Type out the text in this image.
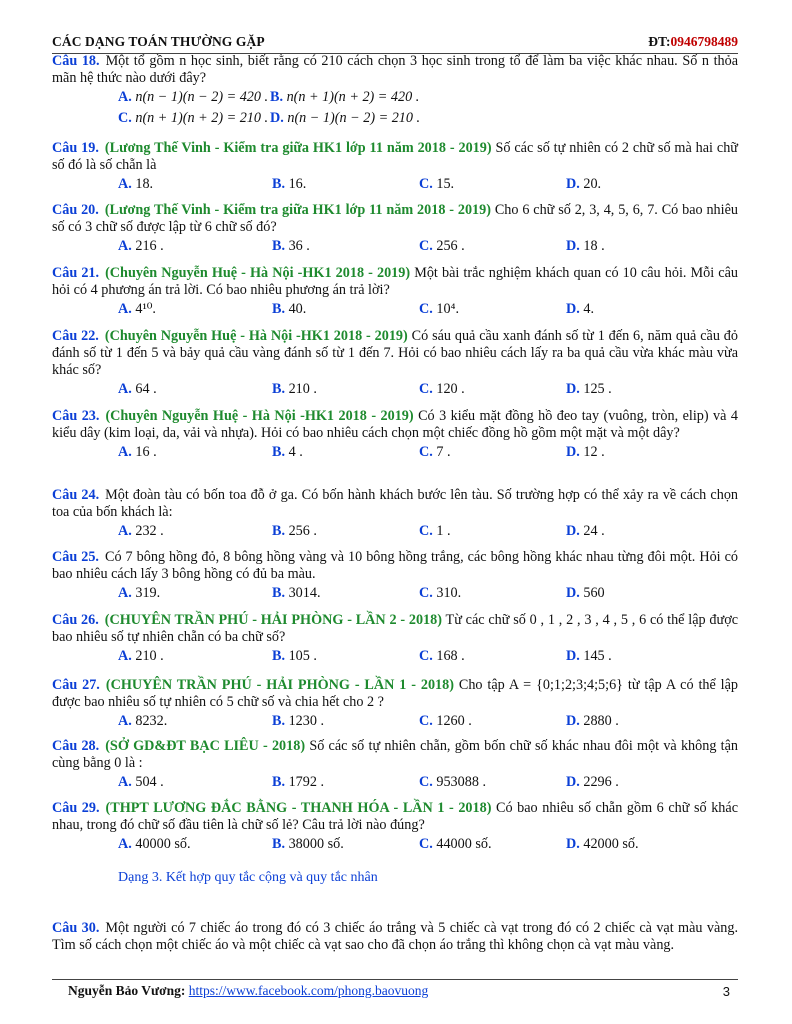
CÁC DẠNG TOÁN THƯỜNG GẶP	ĐT:0946798489
Câu 18. Một tổ gồm n học sinh, biết rằng có 210 cách chọn 3 học sinh trong tổ để làm ba việc khác nhau. Số n thỏa mãn hệ thức nào dưới đây?
A. n(n − 1)(n − 2) = 420 . B. n(n + 1)(n + 2) = 420 .
C. n(n + 1)(n + 2) = 210 . D. n(n − 1)(n − 2) = 210 .
Câu 19. (Lương Thế Vinh - Kiểm tra giữa HK1 lớp 11 năm 2018 - 2019) Số các số tự nhiên có 2 chữ số mà hai chữ số đó là số chẵn là
A. 18.	B. 16.	C. 15.	D. 20.
Câu 20. (Lương Thế Vinh - Kiểm tra giữa HK1 lớp 11 năm 2018 - 2019) Cho 6 chữ số 2, 3, 4, 5, 6, 7. Có bao nhiêu số có 3 chữ số được lập từ 6 chữ số đó?
A. 216 .	B. 36 .	C. 256 .	D. 18 .
Câu 21. (Chuyên Nguyễn Huệ - Hà Nội -HK1 2018 - 2019) Một bài trắc nghiệm khách quan có 10 câu hỏi. Mỗi câu hỏi có 4 phương án trả lời. Có bao nhiêu phương án trả lời?
A. 4¹⁰.	B. 40.	C. 10⁴.	D. 4.
Câu 22. (Chuyên Nguyễn Huệ - Hà Nội -HK1 2018 - 2019) Có sáu quả cầu xanh đánh số từ 1 đến 6, năm quả cầu đỏ đánh số từ 1 đến 5 và bảy quả cầu vàng đánh số từ 1 đến 7. Hỏi có bao nhiêu cách lấy ra ba quả cầu vừa khác màu vừa khác số?
A. 64 .	B. 210 .	C. 120 .	D. 125 .
Câu 23. (Chuyên Nguyễn Huệ - Hà Nội -HK1 2018 - 2019) Có 3 kiểu mặt đồng hồ đeo tay (vuông, tròn, elip) và 4 kiểu dây (kim loại, da, vải và nhựa). Hỏi có bao nhiêu cách chọn một chiếc đồng hồ gồm một mặt và một dây?
A. 16 .	B. 4 .	C. 7 .	D. 12 .
Câu 24. Một đoàn tàu có bốn toa đỗ ở ga. Có bốn hành khách bước lên tàu. Số trường hợp có thể xảy ra về cách chọn toa của bốn khách là:
A. 232 .	B. 256 .	C. 1 .	D. 24 .
Câu 25. Có 7 bông hồng đỏ, 8 bông hồng vàng và 10 bông hồng trắng, các bông hồng khác nhau từng đôi một. Hỏi có bao nhiêu cách lấy 3 bông hồng có đủ ba màu.
A. 319.	B. 3014.	C. 310.	D. 560
Câu 26. (CHUYÊN TRẦN PHÚ - HẢI PHÒNG - LẦN 2 - 2018) Từ các chữ số 0 , 1 , 2 , 3 , 4 , 5 , 6 có thể lập được bao nhiêu số tự nhiên chẵn có ba chữ số?
A. 210 .	B. 105 .	C. 168 .	D. 145 .
Câu 27. (CHUYÊN TRẦN PHÚ - HẢI PHÒNG - LẦN 1 - 2018) Cho tập A = {0;1;2;3;4;5;6} từ tập A có thể lập được bao nhiêu số tự nhiên có 5 chữ số và chia hết cho 2 ?
A. 8232.	B. 1230 .	C. 1260 .	D. 2880 .
Câu 28. (SỞ GD&ĐT BẠC LIÊU - 2018) Số các số tự nhiên chẵn, gồm bốn chữ số khác nhau đôi một và không tận cùng bằng 0 là :
A. 504 .	B. 1792 .	C. 953088 .	D. 2296 .
Câu 29. (THPT LƯƠNG ĐẮC BẰNG - THANH HÓA - LẦN 1 - 2018) Có bao nhiêu số chẵn gồm 6 chữ số khác nhau, trong đó chữ số đầu tiên là chữ số lẻ? Câu trả lời nào đúng?
A. 40000 số.	B. 38000 số.	C. 44000 số.	D. 42000 số.
Dạng 3. Kết hợp quy tắc cộng và quy tắc nhân
Câu 30. Một người có 7 chiếc áo trong đó có 3 chiếc áo trắng và 5 chiếc cà vạt trong đó có 2 chiếc cà vạt màu vàng. Tìm số cách chọn một chiếc áo và một chiếc cà vạt sao cho đã chọn áo trắng thì không chọn cà vạt màu vàng.
Nguyễn Bảo Vương: https://www.facebook.com/phong.baovuong	3
